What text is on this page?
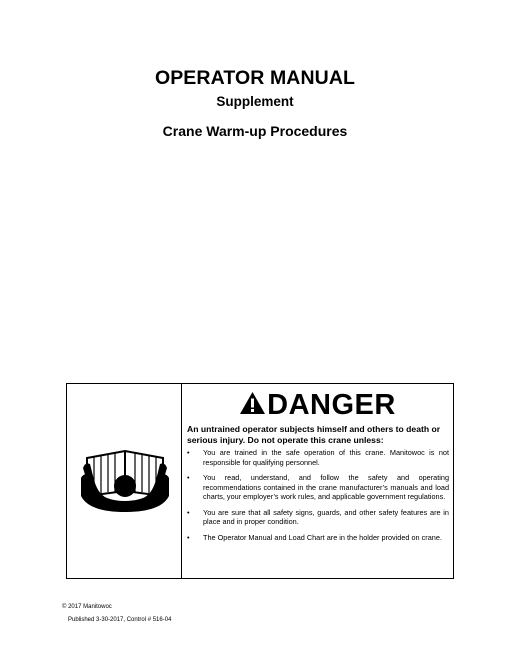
OPERATOR MANUAL
Supplement
Crane Warm-up Procedures
DANGER
An untrained operator subjects himself and others to death or serious injury. Do not operate this crane unless:
• You are trained in the safe operation of this crane. Manitowoc is not responsible for qualifying personnel.
• You read, understand, and follow the safety and operating recommendations contained in the crane manufacturer’s manuals and load charts, your employer’s work rules, and applicable government regulations.
• You are sure that all safety signs, guards, and other safety features are in place and in proper condition.
• The Operator Manual and Load Chart are in the holder provided on crane.
© 2017 Manitowoc
Published 3-30-2017, Control # 516-04
